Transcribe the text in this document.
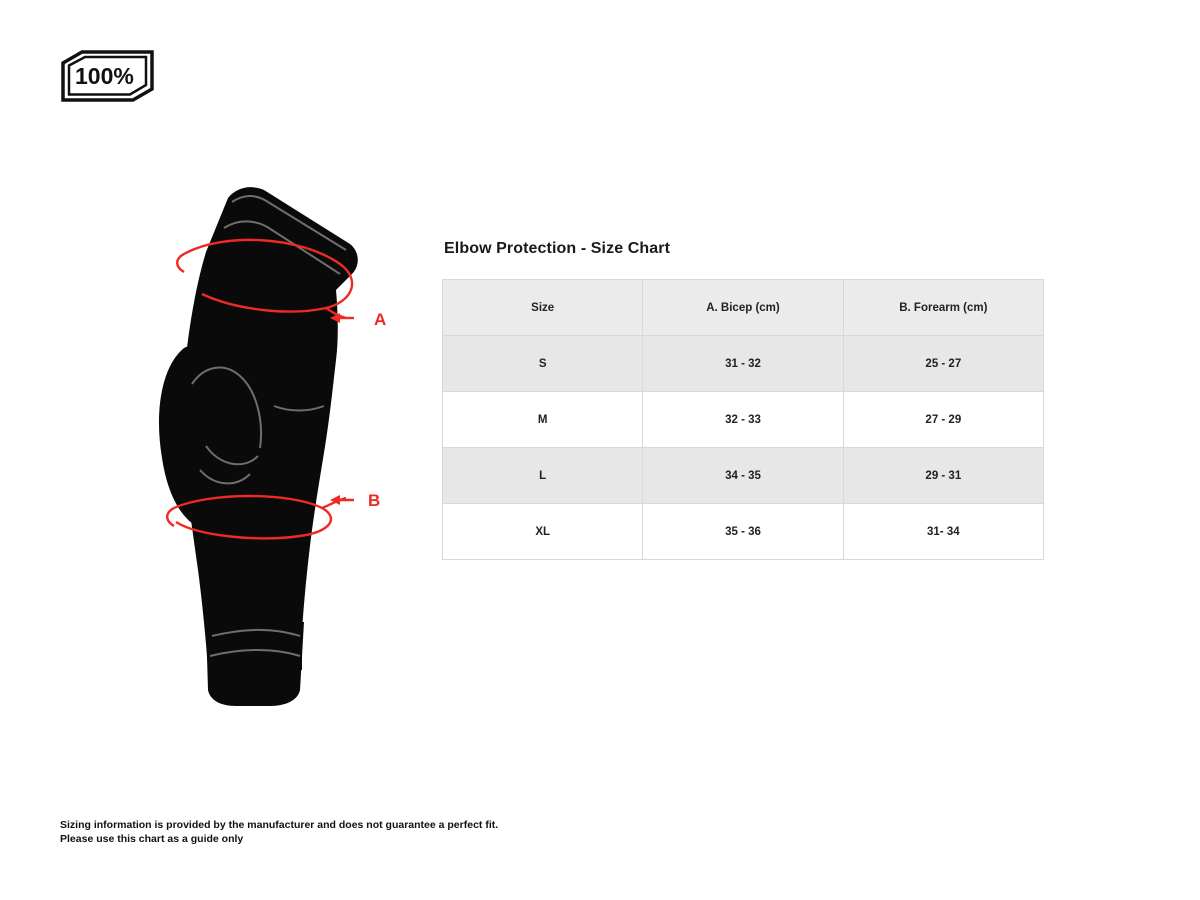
100%
A
B
Elbow Protection - Size Chart
Size	A. Bicep (cm)	B. Forearm (cm)
S	31 - 32	25 - 27
M	32 - 33	27 - 29
L	34 - 35	29 - 31
XL	35 - 36	31- 34
Sizing information is provided by the manufacturer and does not guarantee a perfect fit.
Please use this chart as a guide only
